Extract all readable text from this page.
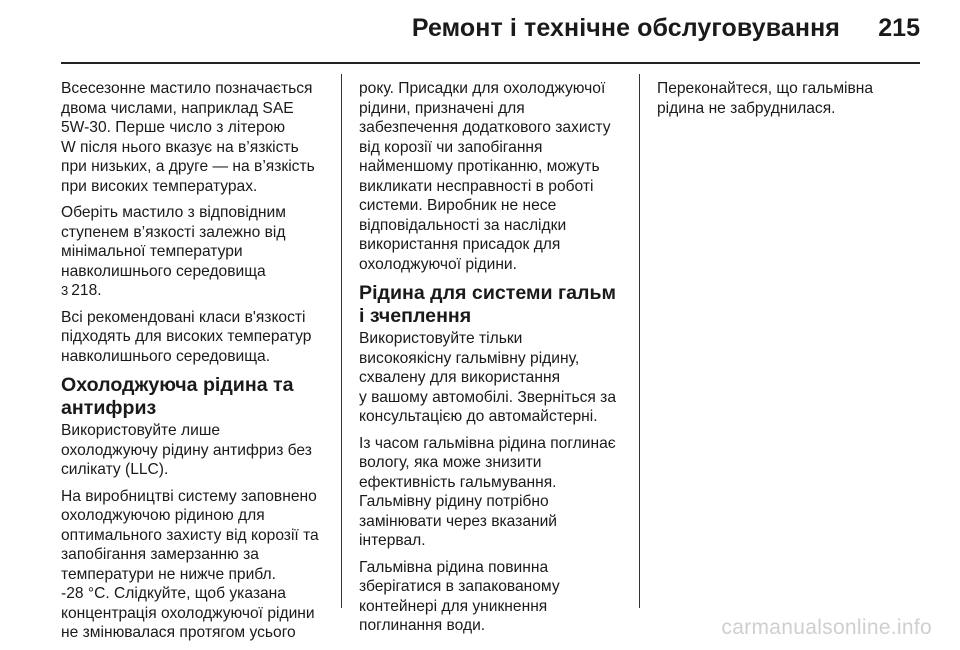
Ремонт і технічне обслуговування 215

Всесезонне мастило позначається
двома числами, наприклад SAE
5W-30. Перше число з літерою
W після нього вказує на в’язкість
при низьких, а друге — на в’язкість
при високих температурах.

Оберіть мастило з відповідним
ступенем в’язкості залежно від
мінімальної температури
навколишнього середовища
3 218.

Всі рекомендовані класи в'язкості
підходять для високих температур
навколишнього середовища.

Охолоджуюча рідина та
антифриз

Використовуйте лише
охолоджуючу рідину антифриз без
силікату (LLC).

На виробництві систему заповнено
охолоджуючою рідиною для
оптимального захисту від корозії та
запобігання замерзанню за
температури не нижче прибл.
-28 °C. Слідкуйте, щоб указана
концентрація охолоджуючої рідини
не змінювалася протягом усього

року. Присадки для охолоджуючої
рідини, призначені для
забезпечення додаткового захисту
від корозії чи запобігання
найменшому протіканню, можуть
викликати несправності в роботі
системи. Виробник не несе
відповідальності за наслідки
використання присадок для
охолоджуючої рідини.

Рідина для системи гальм
і зчеплення

Використовуйте тільки
високоякісну гальмівну рідину,
схвалену для використання
у вашому автомобілі. Зверніться за
консультацією до автомайстерні.

Із часом гальмівна рідина поглинає
вологу, яка може знизити
ефективність гальмування.
Гальмівну рідину потрібно
замінювати через вказаний
інтервал.

Гальмівна рідина повинна
зберігатися в запакованому
контейнері для уникнення
поглинання води.

Переконайтеся, що гальмівна
рідина не забруднилася.

carmanualsonline.info
